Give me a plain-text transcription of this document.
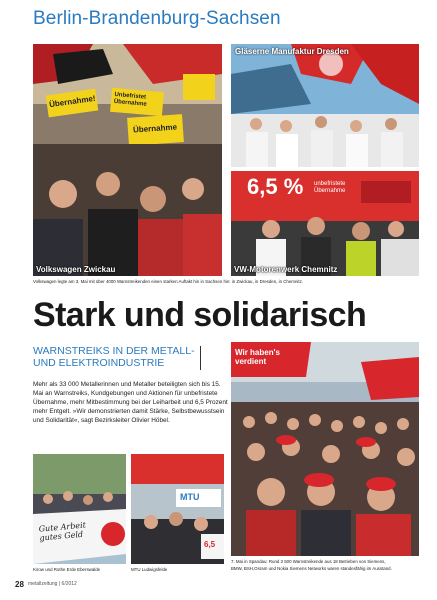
Berlin-Brandenburg-Sachsen
Übernahme!	Unbefristet Übernahme
Übernahme
Volkswagen Zwickau
Gläserne Manufaktur Dresden
6,5 % unbefristete Übernahme
VW-Motorenwerk Chemnitz
Volkswagen legte am 3. Mai mit über 4000 Warnstreikenden einen starken Auftakt hin in Sachsen hin: in Zwickau, in Dresden, in Chemnitz.
Stark und solidarisch
WARNSTREIKS IN DER METALL- UND ELEKTROINDUSTRIE
Mehr als 33 000 Metallerinnen und Metaller beteiligten sich bis 15. Mai an Warnstreiks, Kundgebungen und Aktionen für unbefristete Übernahme, mehr Mitbestimmung bei der Leiharbeit und 6,5 Prozent mehr Entgelt. »Wir demonstrierten damit Stärke, Selbstbewusstsein und Solidarität«, sagt Bezirksleiter Olivier Höbel.
Wir haben's verdient
Gute Arbeit gutes Geld
MTU
6,5
Kirow und Rothe Erde Eberswalde	MTU Ludwigsfelde
7. Mai in Spandau: Rund 3 500 Warnstreikende aus 18 Betrieben von Siemens,
BMW, BSH,Osram und Nokia Siemens Networks waren standesfähig im Ausstand.
28 metallzeitung | 6/2012
